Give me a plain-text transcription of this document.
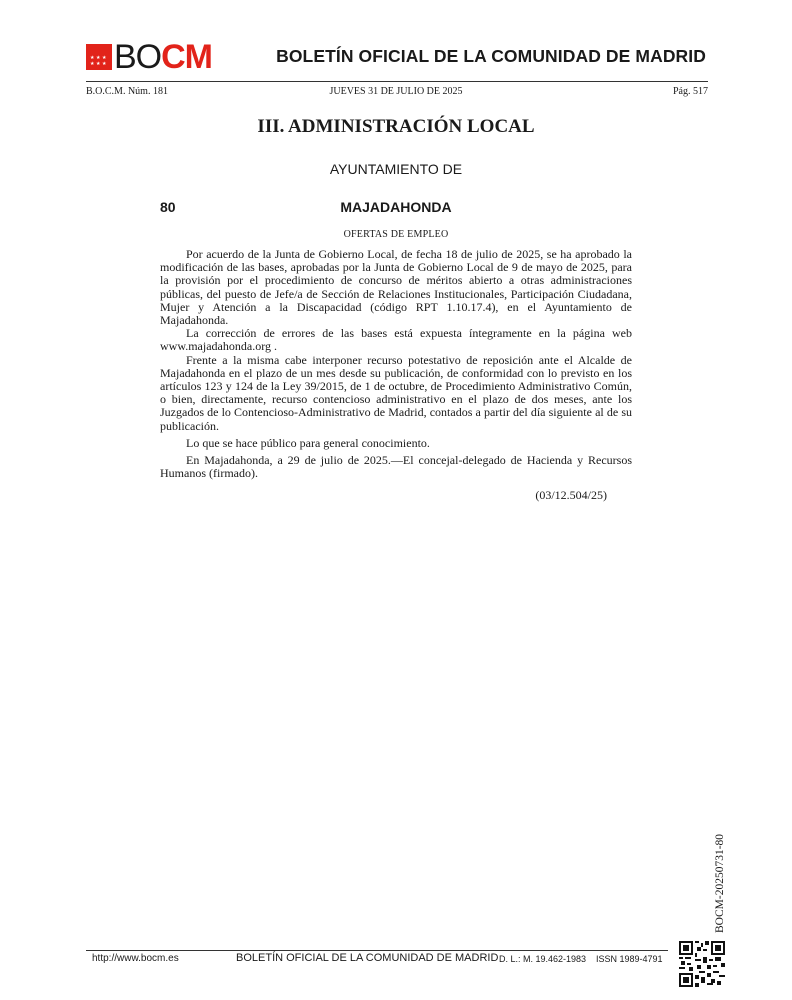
★ ★ ★
★ ★ ★ BOCM	BOLETÍN OFICIAL DE LA COMUNIDAD DE MADRID
B.O.C.M. Núm. 181	JUEVES 31 DE JULIO DE 2025	Pág. 517
III. ADMINISTRACIÓN LOCAL
AYUNTAMIENTO DE
80	MAJADAHONDA
OFERTAS DE EMPLEO

Por acuerdo de la Junta de Gobierno Local, de fecha 18 de julio de 2025, se ha aprobado la modificación de las bases, aprobadas por la Junta de Gobierno Local de 9 de mayo de 2025, para la provisión por el procedimiento de concurso de méritos abierto a otras administraciones públicas, del puesto de Jefe/a de Sección de Relaciones Institucionales, Participación Ciudadana, Mujer y Atención a la Discapacidad (código RPT 1.10.17.4), en el Ayuntamiento de Majadahonda.

La corrección de errores de las bases está expuesta íntegramente en la página web www.majadahonda.org .

Frente a la misma cabe interponer recurso potestativo de reposición ante el Alcalde de Majadahonda en el plazo de un mes desde su publicación, de conformidad con lo previsto en los artículos 123 y 124 de la Ley 39/2015, de 1 de octubre, de Procedimiento Administrativo Común, o bien, directamente, recurso contencioso administrativo en el plazo de dos meses, ante los Juzgados de lo Contencioso-Administrativo de Madrid, contados a partir del día siguiente al de su publicación.

Lo que se hace público para general conocimiento.

En Majadahonda, a 29 de julio de 2025.—El concejal-delegado de Hacienda y Recursos Humanos (firmado).

(03/12.504/25)
BOCM-20250731-80
http://www.bocm.es	BOLETÍN OFICIAL DE LA COMUNIDAD DE MADRID D. L.: M. 19.462-1983 ISSN 1989-4791
